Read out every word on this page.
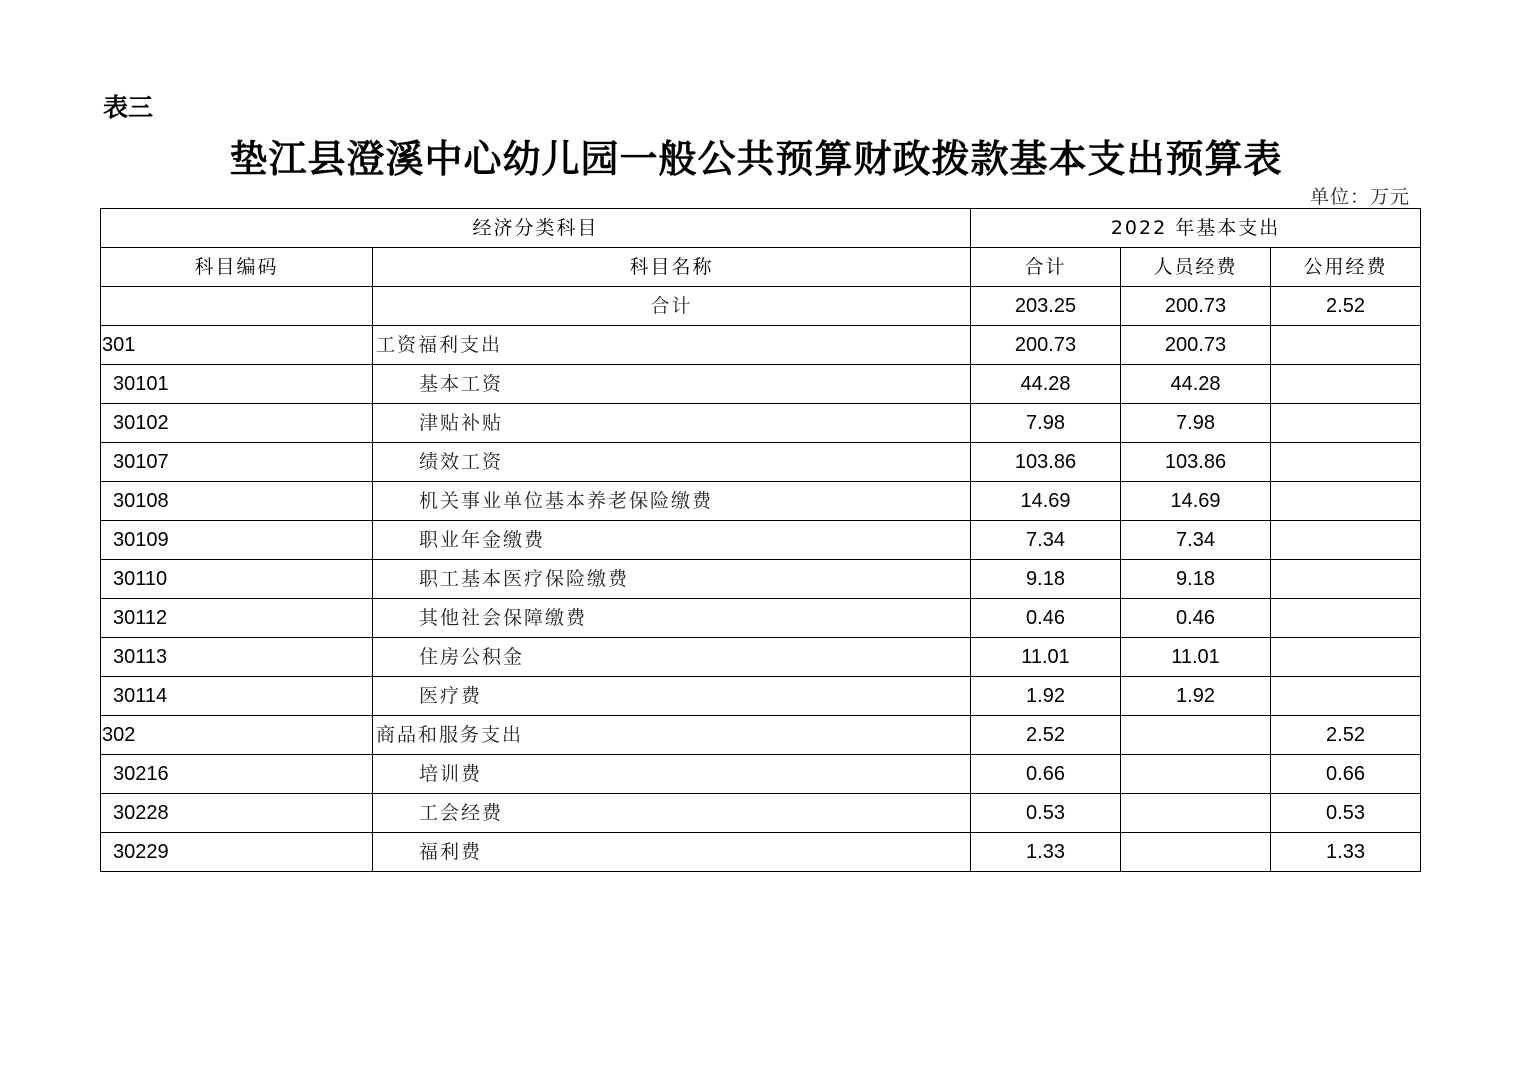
表三
垫江县澄溪中心幼儿园一般公共预算财政拨款基本支出预算表
单位：万元
经济分类科目		2022 年基本支出		
科目编码	科目名称	合计	人员经费	公用经费
	合计	203.25	200.73	2.52
301	工资福利支出	200.73	200.73	
30101	基本工资	44.28	44.28	
30102	津贴补贴	7.98	7.98	
30107	绩效工资	103.86	103.86	
30108	机关事业单位基本养老保险缴费	14.69	14.69	
30109	职业年金缴费	7.34	7.34	
30110	职工基本医疗保险缴费	9.18	9.18	
30112	其他社会保障缴费	0.46	0.46	
30113	住房公积金	11.01	11.01	
30114	医疗费	1.92	1.92	
302	商品和服务支出	2.52		2.52
30216	培训费	0.66		0.66
30228	工会经费	0.53		0.53
30229	福利费	1.33		1.33
